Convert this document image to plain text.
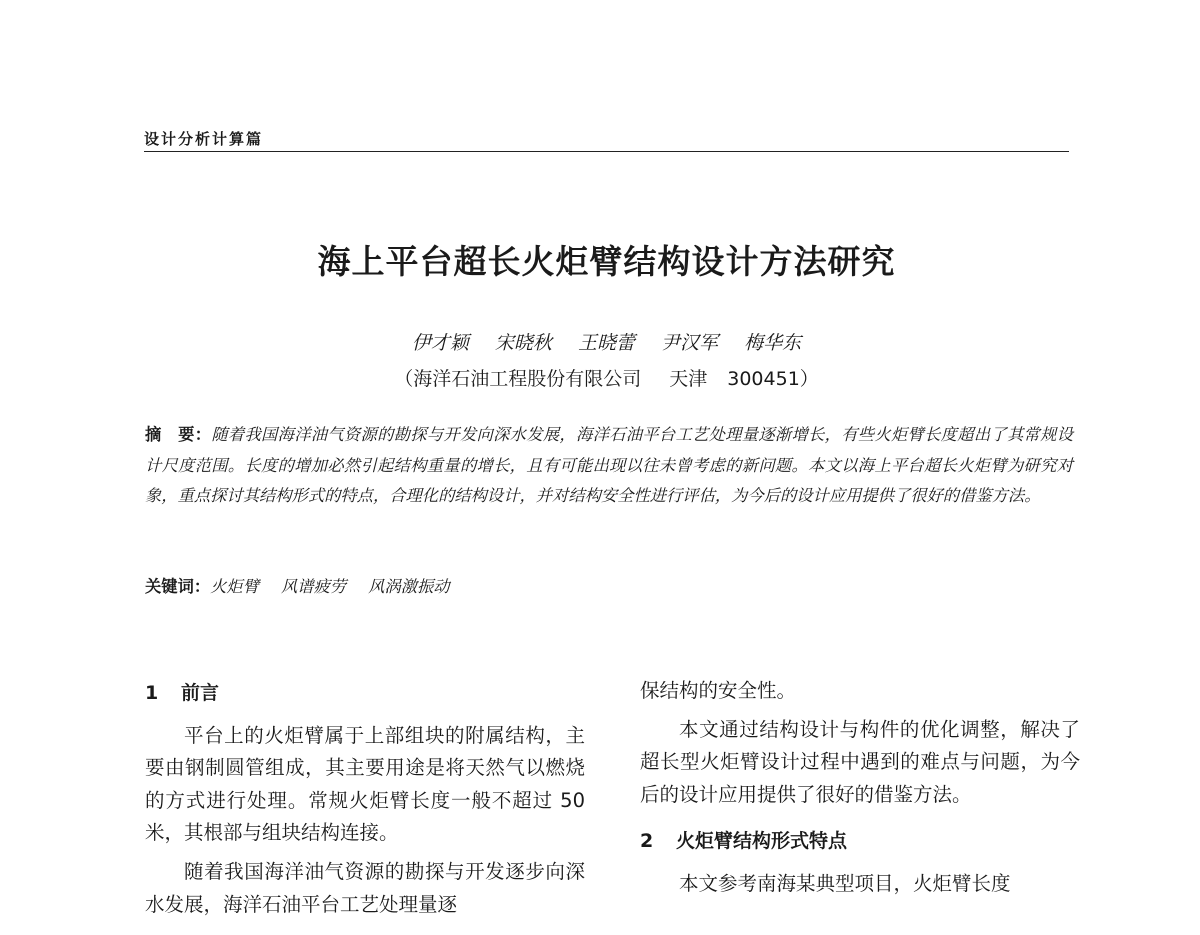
设计分析计算篇
海上平台超长火炬臂结构设计方法研究
伊才颖 宋晓秋 王晓蕾 尹汉军 梅华东
（海洋石油工程股份有限公司 天津 300451）
摘　要：随着我国海洋油气资源的勘探与开发向深水发展，海洋石油平台工艺处理量逐渐增长，有些火炬臂长度超出了其常规设计尺度范围。长度的增加必然引起结构重量的增长，且有可能出现以往未曾考虑的新问题。本文以海上平台超长火炬臂为研究对象，重点探讨其结构形式的特点，合理化的结构设计，并对结构安全性进行评估，为今后的设计应用提供了很好的借鉴方法。
关键词：火炬臂 风谱疲劳 风涡激振动
1 前言

平台上的火炬臂属于上部组块的附属结构，主要由钢制圆管组成，其主要用途是将天然气以燃烧的方式进行处理。常规火炬臂长度一般不超过 50 米，其根部与组块结构连接。

随着我国海洋油气资源的勘探与开发逐步向深水发展，海洋石油平台工艺处理量逐

保结构的安全性。

本文通过结构设计与构件的优化调整，解决了超长型火炬臂设计过程中遇到的难点与问题，为今后的设计应用提供了很好的借鉴方法。

2 火炬臂结构形式特点

本文参考南海某典型项目，火炬臂长度
